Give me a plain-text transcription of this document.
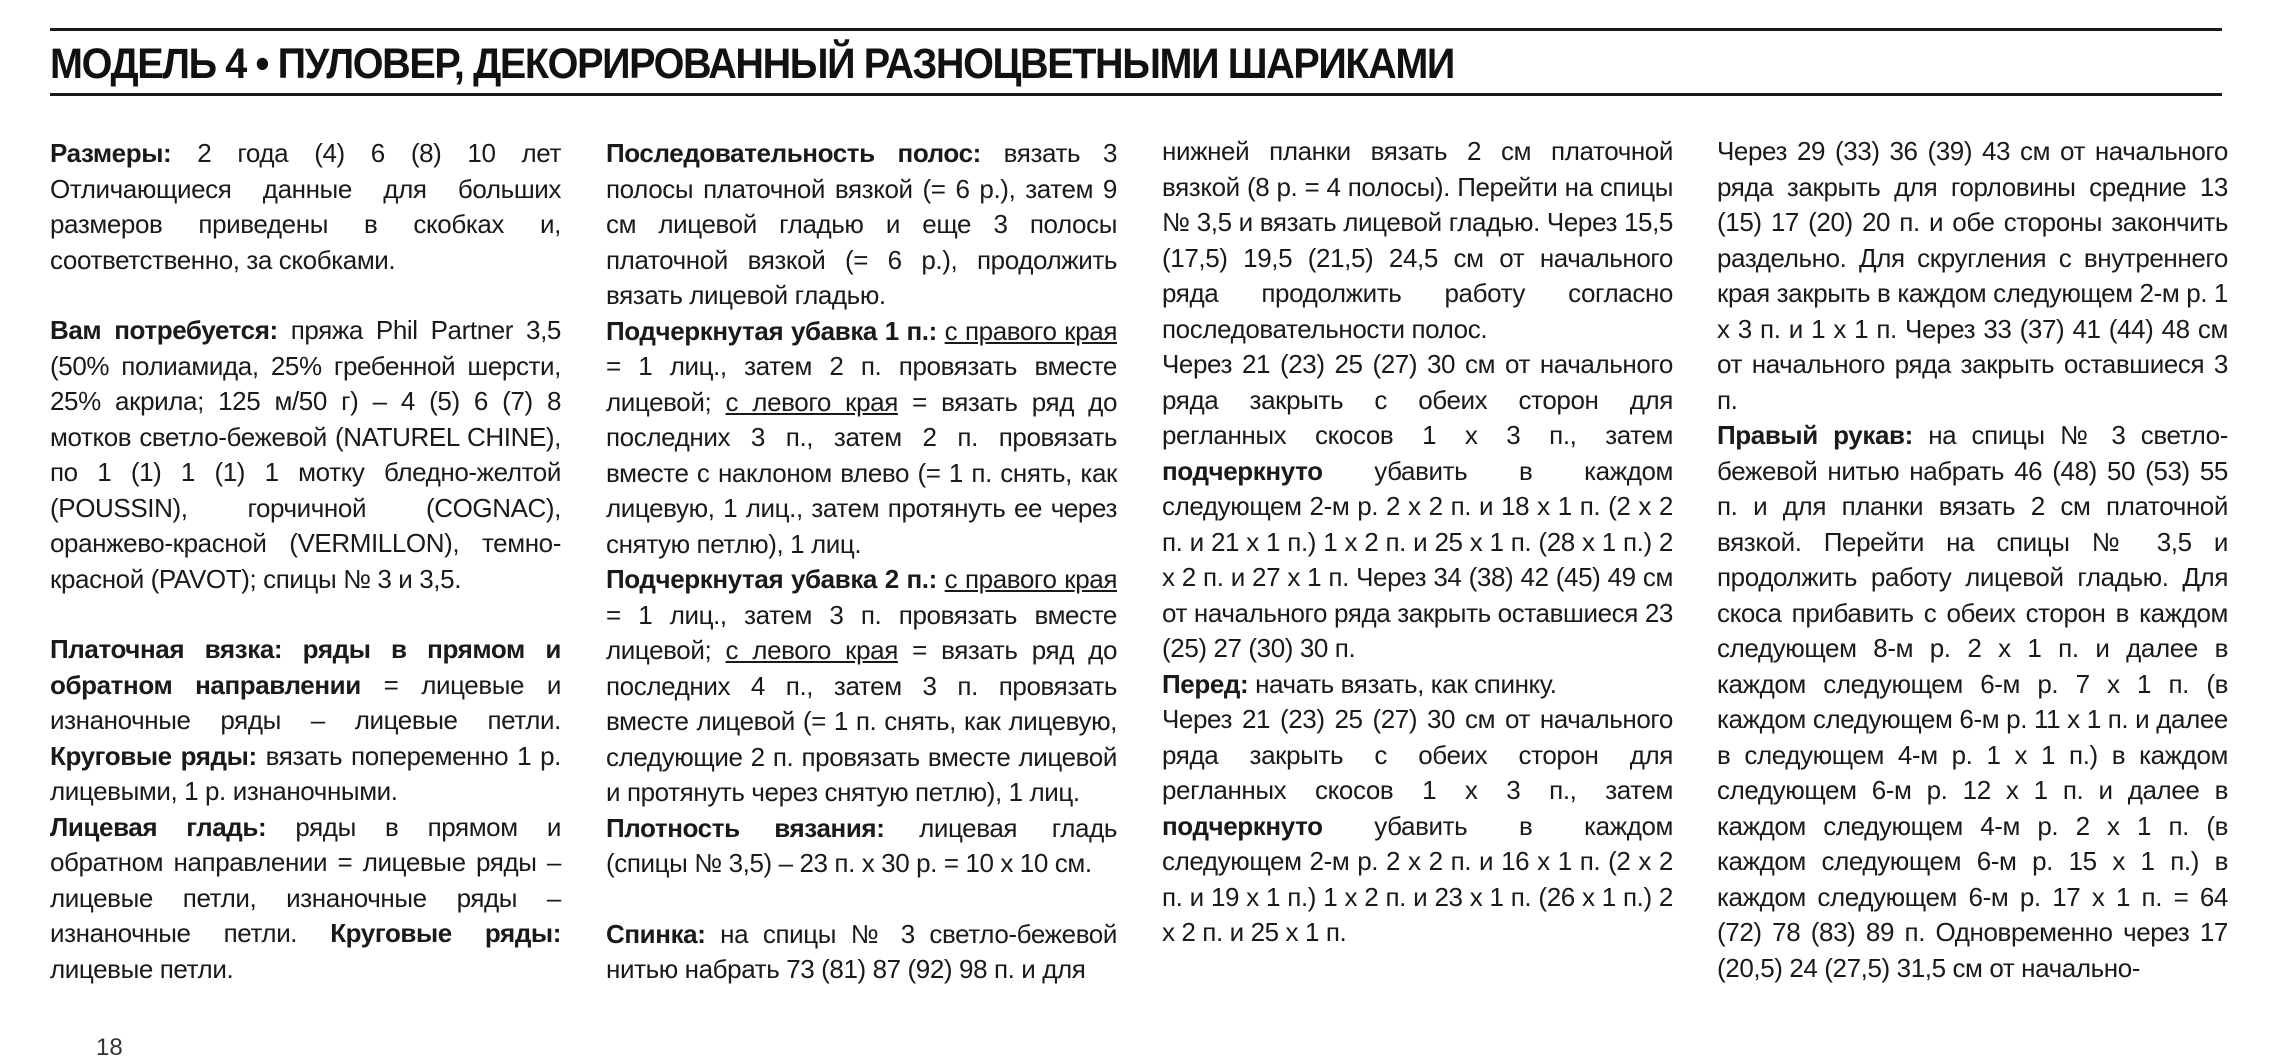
МОДЕЛЬ 4 • ПУЛОВЕР, ДЕКОРИРОВАННЫЙ РАЗНОЦВЕТНЫМИ ШАРИКАМИ

Размеры: 2 года (4) 6 (8) 10 лет Отличающиеся данные для больших размеров приведены в скобках и, соответственно, за скобками.

Вам потребуется: пряжа Phil Partner 3,5 (50% полиамида, 25% гребенной шерсти, 25% акрила; 125 м/50 г) – 4 (5) 6 (7) 8 мотков светло-бежевой (NATUREL CHINE), по 1 (1) 1 (1) 1 мотку бледно-желтой (POUSSIN), горчичной (COGNAC), оранжево-красной (VERMILLON), темно-красной (PAVOT); спицы № 3 и 3,5.

Платочная вязка: ряды в прямом и обратном направлении = лицевые и изнаночные ряды – лицевые петли. Круговые ряды: вязать попеременно 1 р. лицевыми, 1 р. изнаночными.

Лицевая гладь: ряды в прямом и обратном направлении = лицевые ряды – лицевые петли, изнаночные ряды – изнаночные петли. Круговые ряды: лицевые петли.

Последовательность полос: вязать 3 полосы платочной вязкой (= 6 р.), затем 9 см лицевой гладью и еще 3 полосы платочной вязкой (= 6 р.), продолжить вязать лицевой гладью.

Подчеркнутая убавка 1 п.: с правого края = 1 лиц., затем 2 п. провязать вместе лицевой; с левого края = вязать ряд до последних 3 п., затем 2 п. провязать вместе с наклоном влево (= 1 п. снять, как лицевую, 1 лиц., затем протянуть ее через снятую петлю), 1 лиц.

Подчеркнутая убавка 2 п.: с правого края = 1 лиц., затем 3 п. провязать вместе лицевой; с левого края = вязать ряд до последних 4 п., затем 3 п. провязать вместе лицевой (= 1 п. снять, как лицевую, следующие 2 п. провязать вместе лицевой и протянуть через снятую петлю), 1 лиц.

Плотность вязания: лицевая гладь (спицы № 3,5) – 23 п. х 30 р. = 10 х 10 см.

Спинка: на спицы № 3 светло-бежевой нитью набрать 73 (81) 87 (92) 98 п. и для

нижней планки вязать 2 см платочной вязкой (8 р. = 4 полосы). Перейти на спицы № 3,5 и вязать лицевой гладью. Через 15,5 (17,5) 19,5 (21,5) 24,5 см от начального ряда продолжить работу согласно последовательности полос.

Через 21 (23) 25 (27) 30 см от начального ряда закрыть с обеих сторон для регланных скосов 1 х 3 п., затем подчеркнуто убавить в каждом следующем 2-м р. 2 х 2 п. и 18 х 1 п. (2 х 2 п. и 21 х 1 п.) 1 х 2 п. и 25 х 1 п. (28 х 1 п.) 2 х 2 п. и 27 х 1 п. Через 34 (38) 42 (45) 49 см от начального ряда закрыть оставшиеся 23 (25) 27 (30) 30 п.

Перед: начать вязать, как спинку.

Через 21 (23) 25 (27) 30 см от начального ряда закрыть с обеих сторон для регланных скосов 1 х 3 п., затем подчеркнуто убавить в каждом следующем 2-м р. 2 х 2 п. и 16 х 1 п. (2 х 2 п. и 19 х 1 п.) 1 х 2 п. и 23 х 1 п. (26 х 1 п.) 2 х 2 п. и 25 х 1 п.

Через 29 (33) 36 (39) 43 см от начального ряда закрыть для горловины средние 13 (15) 17 (20) 20 п. и обе стороны закончить раздельно. Для скругления с внутреннего края закрыть в каждом следующем 2-м р. 1 х 3 п. и 1 х 1 п. Через 33 (37) 41 (44) 48 см от начального ряда закрыть оставшиеся 3 п.

Правый рукав: на спицы № 3 светло-бежевой нитью набрать 46 (48) 50 (53) 55 п. и для планки вязать 2 см платочной вязкой. Перейти на спицы № 3,5 и продолжить работу лицевой гладью. Для скоса прибавить с обеих сторон в каждом следующем 8-м р. 2 х 1 п. и далее в каждом следующем 6-м р. 7 х 1 п. (в каждом следующем 6-м р. 11 х 1 п. и далее в следующем 4-м р. 1 х 1 п.) в каждом следующем 6-м р. 12 х 1 п. и далее в каждом следующем 4-м р. 2 х 1 п. (в каждом следующем 6-м р. 15 х 1 п.) в каждом следующем 6-м р. 17 х 1 п. = 64 (72) 78 (83) 89 п. Одновременно через 17 (20,5) 24 (27,5) 31,5 см от начально-

18
